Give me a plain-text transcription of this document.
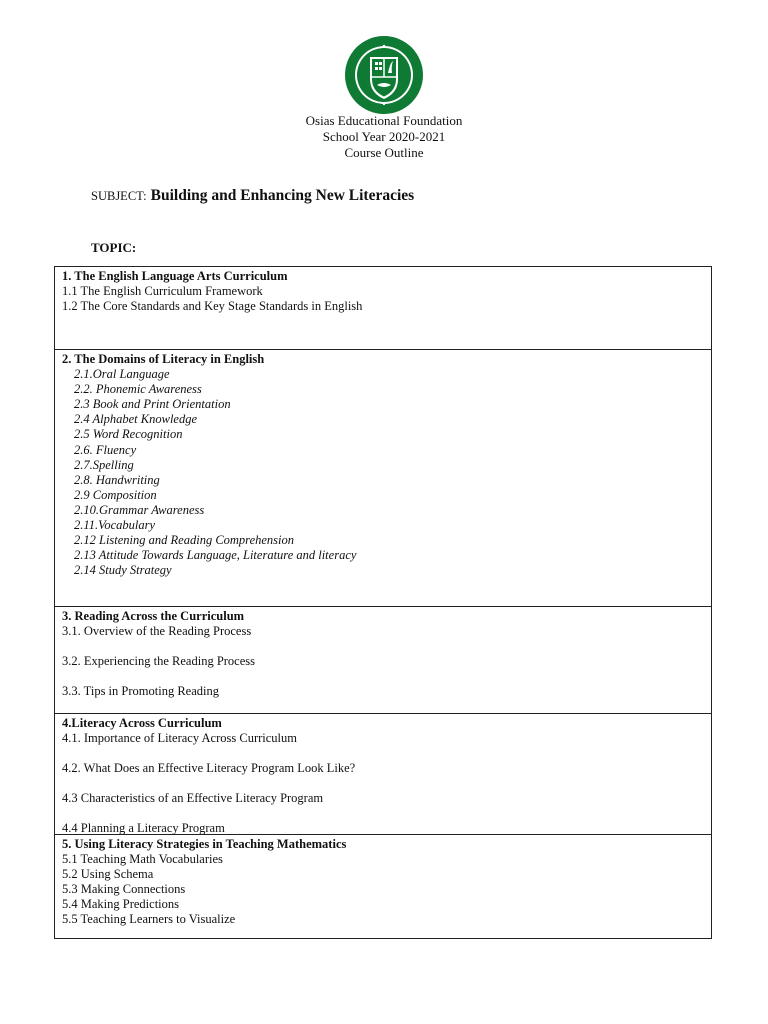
Osias Educational Foundation
School Year 2020-2021
Course Outline
SUBJECT: Building and Enhancing New Literacies
TOPIC:
1. The English Language Arts Curriculum
1.1 The English Curriculum Framework
1.2 The Core Standards and Key Stage Standards in English
2. The Domains of Literacy in English
2.1.Oral Language
2.2. Phonemic Awareness
2.3 Book and Print Orientation
2.4 Alphabet Knowledge
2.5 Word Recognition
2.6. Fluency
2.7.Spelling
2.8. Handwriting
2.9 Composition
2.10.Grammar Awareness
2.11.Vocabulary
2.12 Listening and Reading Comprehension
2.13 Attitude Towards Language, Literature and literacy
2.14 Study Strategy
3. Reading Across the Curriculum
3.1. Overview of the Reading Process
3.2. Experiencing the Reading Process
3.3. Tips in Promoting Reading
4.Literacy Across Curriculum
4.1. Importance of Literacy Across Curriculum
4.2. What Does an Effective Literacy Program Look Like?
4.3 Characteristics of an Effective Literacy Program
4.4 Planning a Literacy Program
5. Using Literacy Strategies in Teaching Mathematics
5.1 Teaching Math Vocabularies
5.2 Using Schema
5.3 Making Connections
5.4 Making Predictions
5.5 Teaching Learners to Visualize
